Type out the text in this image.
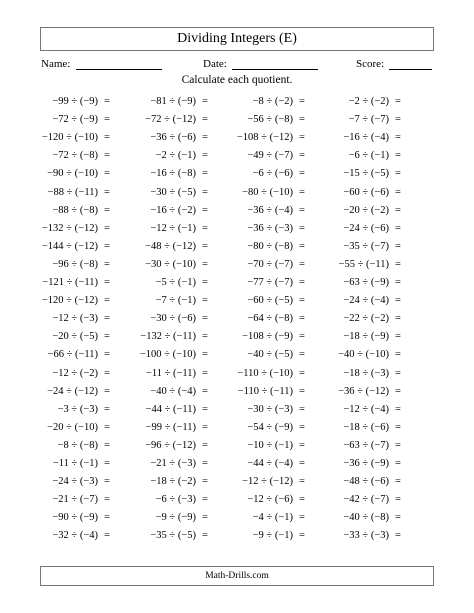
Dividing Integers (E)
Name:	Date:	Score:
Calculate each quotient.
−99 ÷ (−9) =	−81 ÷ (−9) =	−8 ÷ (−2) =	−2 ÷ (−2) =
−72 ÷ (−9) =	−72 ÷ (−12) =	−56 ÷ (−8) =	−7 ÷ (−7) =
−120 ÷ (−10) =	−36 ÷ (−6) =	−108 ÷ (−12) =	−16 ÷ (−4) =
−72 ÷ (−8) =	−2 ÷ (−1) =	−49 ÷ (−7) =	−6 ÷ (−1) =
−90 ÷ (−10) =	−16 ÷ (−8) =	−6 ÷ (−6) =	−15 ÷ (−5) =
−88 ÷ (−11) =	−30 ÷ (−5) =	−80 ÷ (−10) =	−60 ÷ (−6) =
−88 ÷ (−8) =	−16 ÷ (−2) =	−36 ÷ (−4) =	−20 ÷ (−2) =
−132 ÷ (−12) =	−12 ÷ (−1) =	−36 ÷ (−3) =	−24 ÷ (−6) =
−144 ÷ (−12) =	−48 ÷ (−12) =	−80 ÷ (−8) =	−35 ÷ (−7) =
−96 ÷ (−8) =	−30 ÷ (−10) =	−70 ÷ (−7) =	−55 ÷ (−11) =
−121 ÷ (−11) =	−5 ÷ (−1) =	−77 ÷ (−7) =	−63 ÷ (−9) =
−120 ÷ (−12) =	−7 ÷ (−1) =	−60 ÷ (−5) =	−24 ÷ (−4) =
−12 ÷ (−3) =	−30 ÷ (−6) =	−64 ÷ (−8) =	−22 ÷ (−2) =
−20 ÷ (−5) =	−132 ÷ (−11) =	−108 ÷ (−9) =	−18 ÷ (−9) =
−66 ÷ (−11) =	−100 ÷ (−10) =	−40 ÷ (−5) =	−40 ÷ (−10) =
−12 ÷ (−2) =	−11 ÷ (−11) =	−110 ÷ (−10) =	−18 ÷ (−3) =
−24 ÷ (−12) =	−40 ÷ (−4) =	−110 ÷ (−11) =	−36 ÷ (−12) =
−3 ÷ (−3) =	−44 ÷ (−11) =	−30 ÷ (−3) =	−12 ÷ (−4) =
−20 ÷ (−10) =	−99 ÷ (−11) =	−54 ÷ (−9) =	−18 ÷ (−6) =
−8 ÷ (−8) =	−96 ÷ (−12) =	−10 ÷ (−1) =	−63 ÷ (−7) =
−11 ÷ (−1) =	−21 ÷ (−3) =	−44 ÷ (−4) =	−36 ÷ (−9) =
−24 ÷ (−3) =	−18 ÷ (−2) =	−12 ÷ (−12) =	−48 ÷ (−6) =
−21 ÷ (−7) =	−6 ÷ (−3) =	−12 ÷ (−6) =	−42 ÷ (−7) =
−90 ÷ (−9) =	−9 ÷ (−9) =	−4 ÷ (−1) =	−40 ÷ (−8) =
−32 ÷ (−4) =	−35 ÷ (−5) =	−9 ÷ (−1) =	−33 ÷ (−3) =
Math-Drills.com
